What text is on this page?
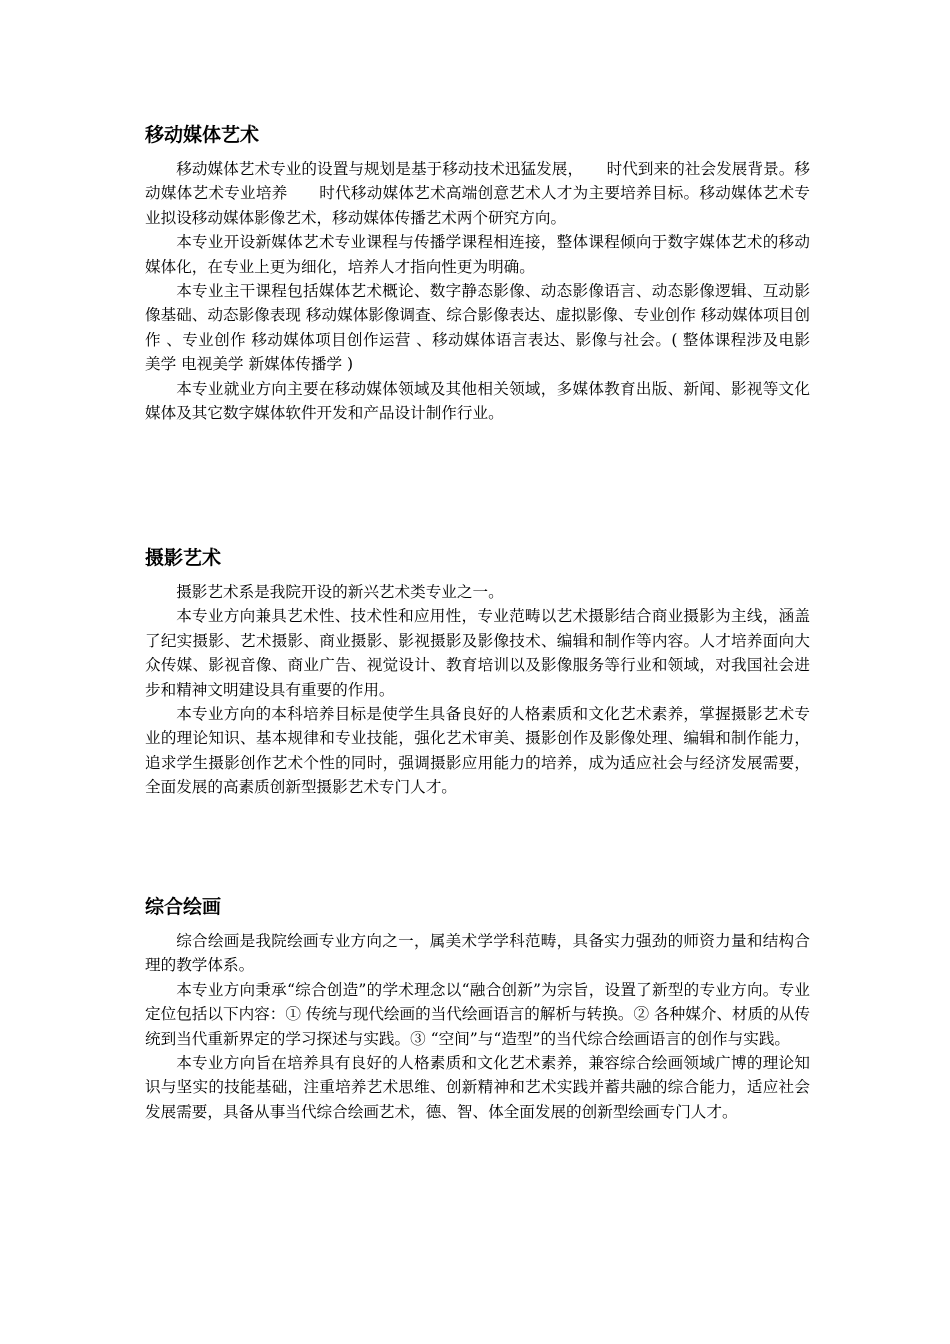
移动媒体艺术

移动媒体艺术专业的设置与规划是基于移动技术迅猛发展，　　时代到来的社会发展背景。移动媒体艺术专业培养　　时代移动媒体艺术高端创意艺术人才为主要培养目标。移动媒体艺术专业拟设移动媒体影像艺术，移动媒体传播艺术两个研究方向。

本专业开设新媒体艺术专业课程与传播学课程相连接，整体课程倾向于数字媒体艺术的移动媒体化，在专业上更为细化，培养人才指向性更为明确。

本专业主干课程包括媒体艺术概论、数字静态影像、动态影像语言、动态影像逻辑、互动影像基础、动态影像表现 移动媒体影像调查、综合影像表达、虚拟影像、专业创作 移动媒体项目创作 、专业创作 移动媒体项目创作运营 、移动媒体语言表达、影像与社会。( 整体课程涉及电影美学 电视美学 新媒体传播学 )

本专业就业方向主要在移动媒体领域及其他相关领域，多媒体教育出版、新闻、影视等文化媒体及其它数字媒体软件开发和产品设计制作行业。

摄影艺术

摄影艺术系是我院开设的新兴艺术类专业之一。

本专业方向兼具艺术性、技术性和应用性，专业范畴以艺术摄影结合商业摄影为主线，涵盖了纪实摄影、艺术摄影、商业摄影、影视摄影及影像技术、编辑和制作等内容。人才培养面向大众传媒、影视音像、商业广告、视觉设计、教育培训以及影像服务等行业和领域，对我国社会进步和精神文明建设具有重要的作用。

本专业方向的本科培养目标是使学生具备良好的人格素质和文化艺术素养，掌握摄影艺术专业的理论知识、基本规律和专业技能，强化艺术审美、摄影创作及影像处理、编辑和制作能力，追求学生摄影创作艺术个性的同时，强调摄影应用能力的培养，成为适应社会与经济发展需要，全面发展的高素质创新型摄影艺术专门人才。

综合绘画

综合绘画是我院绘画专业方向之一，属美术学学科范畴，具备实力强劲的师资力量和结构合理的教学体系。

本专业方向秉承“综合创造”的学术理念以“融合创新”为宗旨，设置了新型的专业方向。专业定位包括以下内容：① 传统与现代绘画的当代绘画语言的解析与转换。② 各种媒介、材质的从传统到当代重新界定的学习探述与实践。③ “空间”与“造型”的当代综合绘画语言的创作与实践。

本专业方向旨在培养具有良好的人格素质和文化艺术素养，兼容综合绘画领域广博的理论知识与坚实的技能基础，注重培养艺术思维、创新精神和艺术实践并蓄共融的综合能力，适应社会发展需要，具备从事当代综合绘画艺术，德、智、体全面发展的创新型绘画专门人才。
